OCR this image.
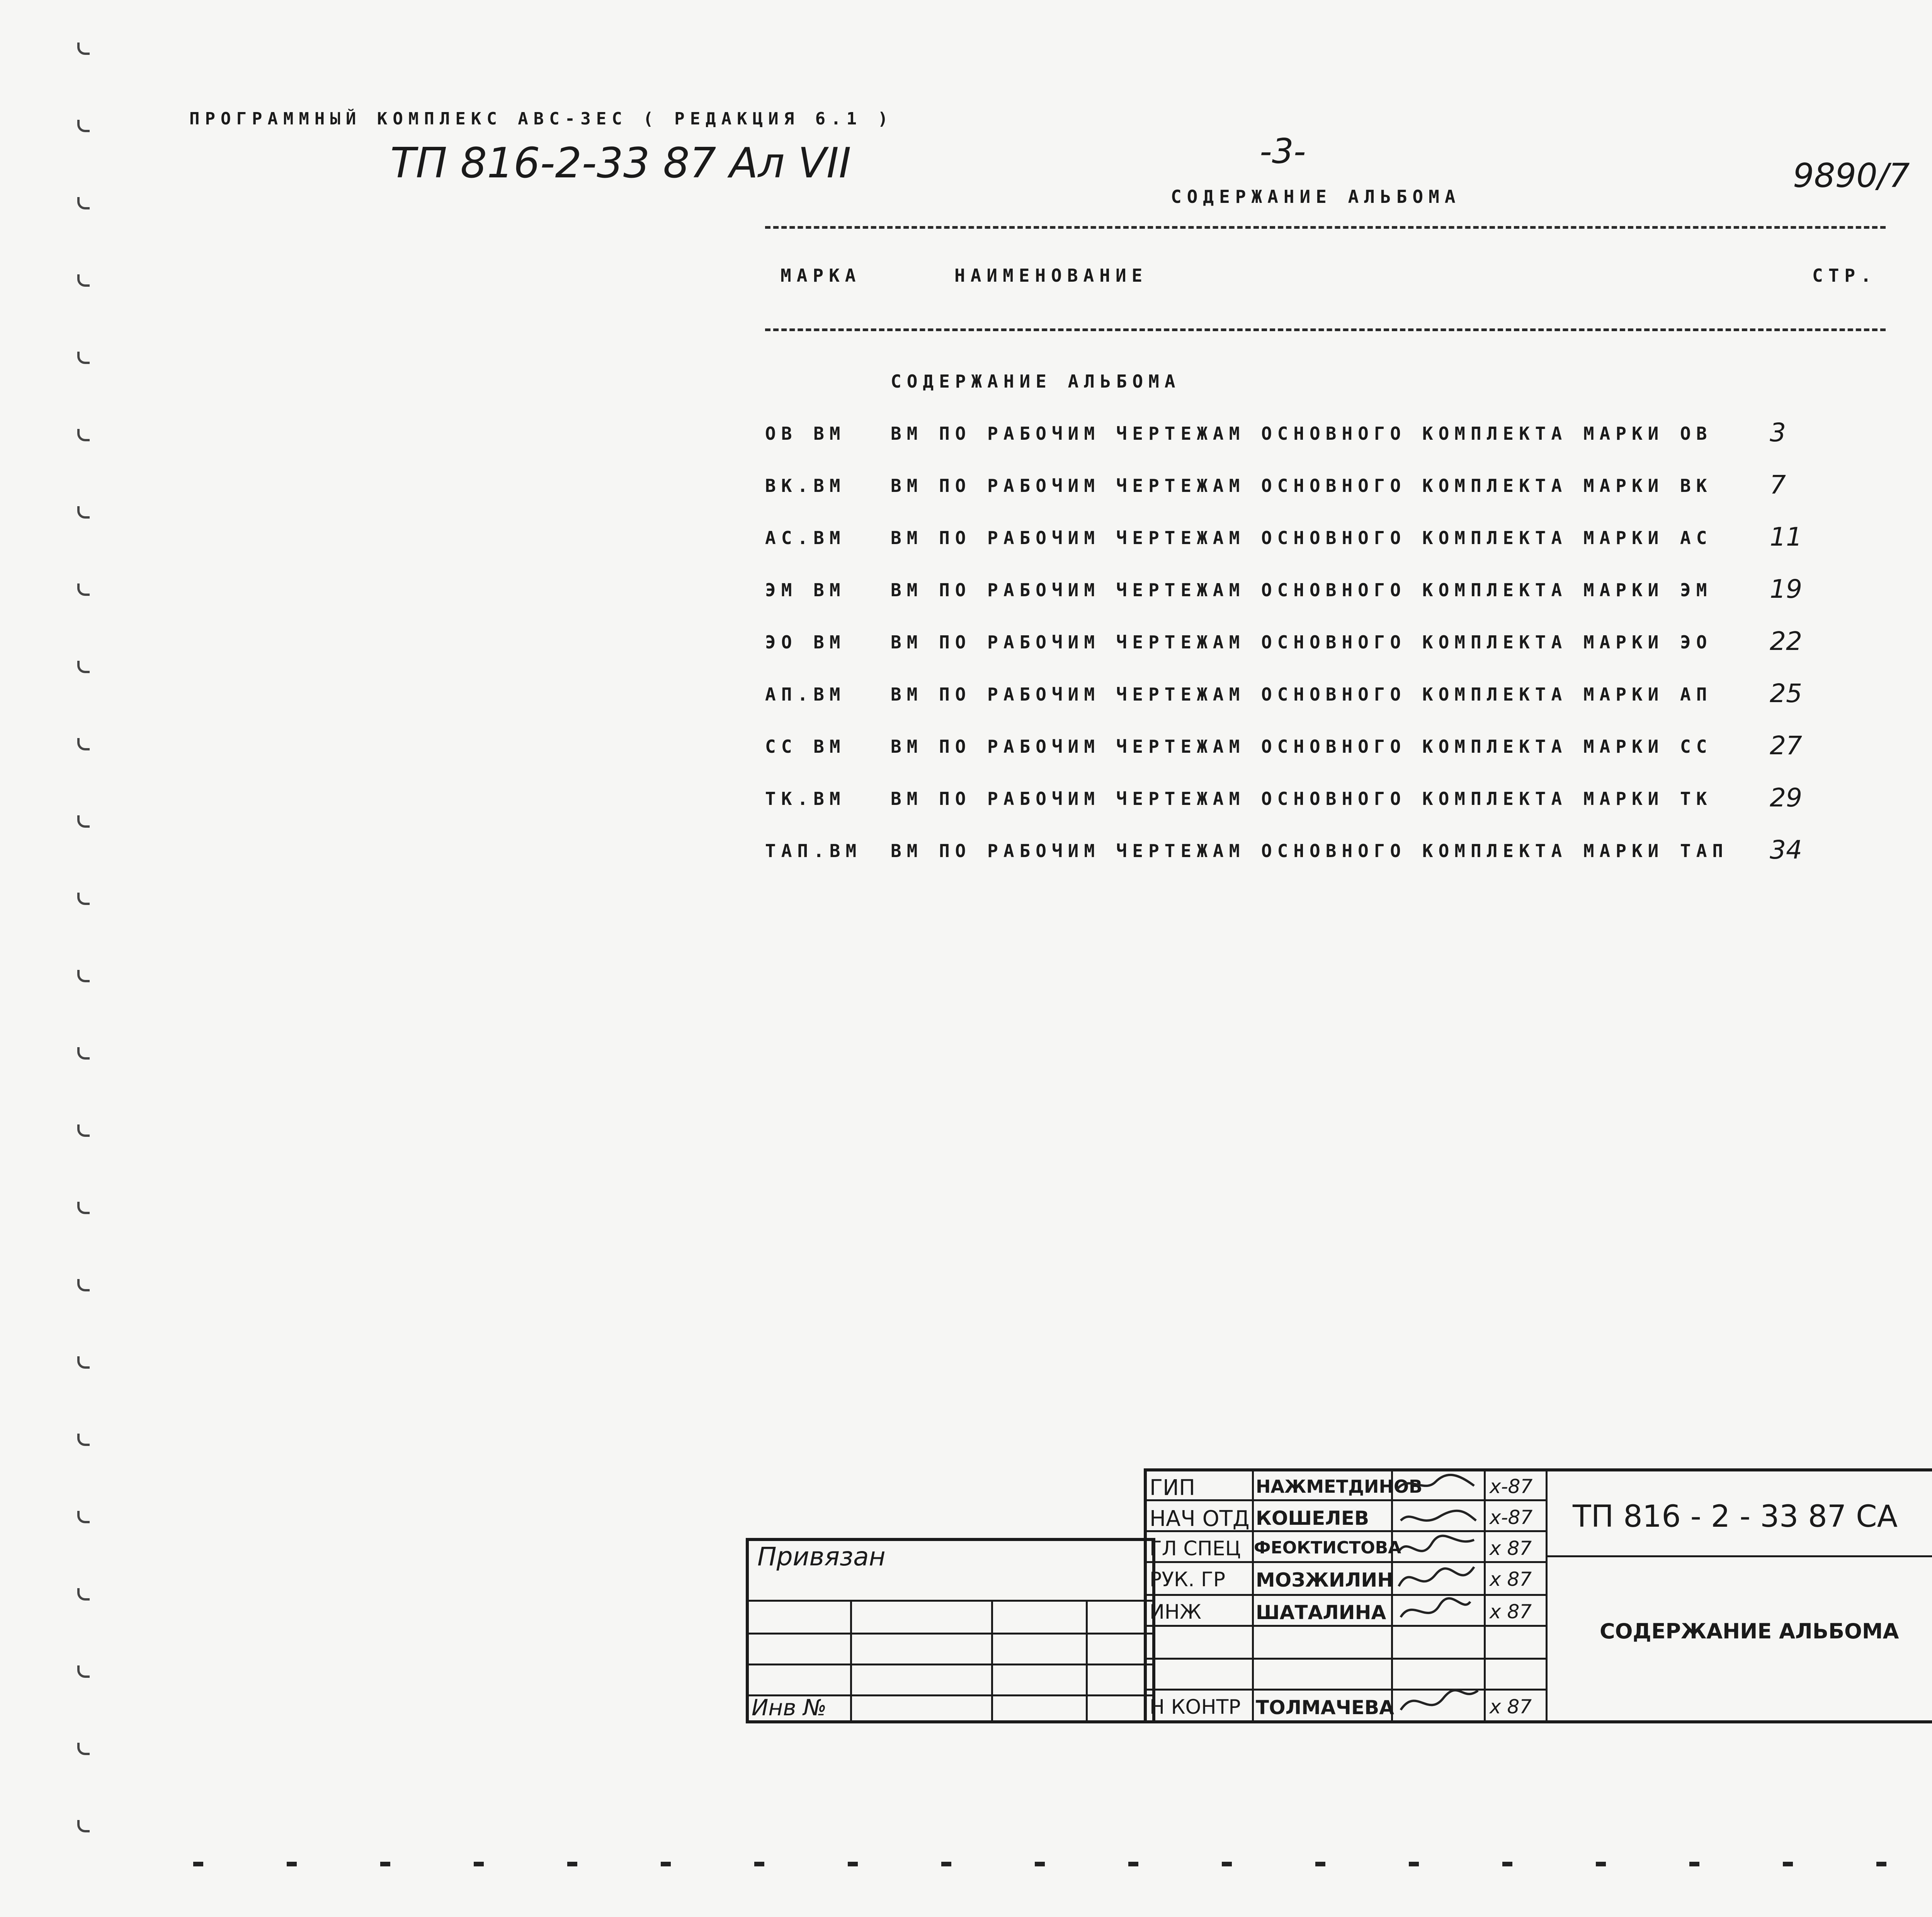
ПРОГРАММНЫЙ КОМПЛЕКС АВС-ЗЕС ( РЕДАКЦИЯ 6.1 )
ТП 816-2-33 87 Ал VII	-3-
9890/7
СОДЕРЖАНИЕ АЛЬБОМА
МАРКА	НАИМЕНОВАНИЕ	СТР.
СОДЕРЖАНИЕ АЛЬБОМА
ОВ ВМ	ВМ ПО РАБОЧИМ ЧЕРТЕЖАМ ОСНОВНОГО КОМПЛЕКТА МАРКИ ОВ 3
ВК.ВМ	ВМ ПО РАБОЧИМ ЧЕРТЕЖАМ ОСНОВНОГО КОМПЛЕКТА МАРКИ ВК 7
АС.ВМ	ВМ ПО РАБОЧИМ ЧЕРТЕЖАМ ОСНОВНОГО КОМПЛЕКТА МАРКИ АС 11
ЭМ ВМ	ВМ ПО РАБОЧИМ ЧЕРТЕЖАМ ОСНОВНОГО КОМПЛЕКТА МАРКИ ЭМ 19
ЭО ВМ	ВМ ПО РАБОЧИМ ЧЕРТЕЖАМ ОСНОВНОГО КОМПЛЕКТА МАРКИ ЭО 22
АП.ВМ	ВМ ПО РАБОЧИМ ЧЕРТЕЖАМ ОСНОВНОГО КОМПЛЕКТА МАРКИ АП 25
СС ВМ	ВМ ПО РАБОЧИМ ЧЕРТЕЖАМ ОСНОВНОГО КОМПЛЕКТА МАРКИ СС 27
ТК.ВМ	ВМ ПО РАБОЧИМ ЧЕРТЕЖАМ ОСНОВНОГО КОМПЛЕКТА МАРКИ ТК 29
ТАП.ВМ ВМ ПО РАБОЧИМ ЧЕРТЕЖАМ ОСНОВНОГО КОМПЛЕКТА МАРКИ ТАП 34
Привязан
Инв №
ГИП	НАЖМЕТДИНОВ	х-87
НАЧ ОТД КОШЕЛЕВ	х-87
ГЛ СПЕЦ ФЕОКТИСТОВА	х 87
РУК. ГР МОЗЖИЛИН	х 87
ИНЖ	ШАТАЛИНА	х 87
Н КОНТР ТОЛМАЧЕВА	х 87
ТП 816 - 2 - 33 87 СА
СОДЕРЖАНИЕ АЛЬБОМА
